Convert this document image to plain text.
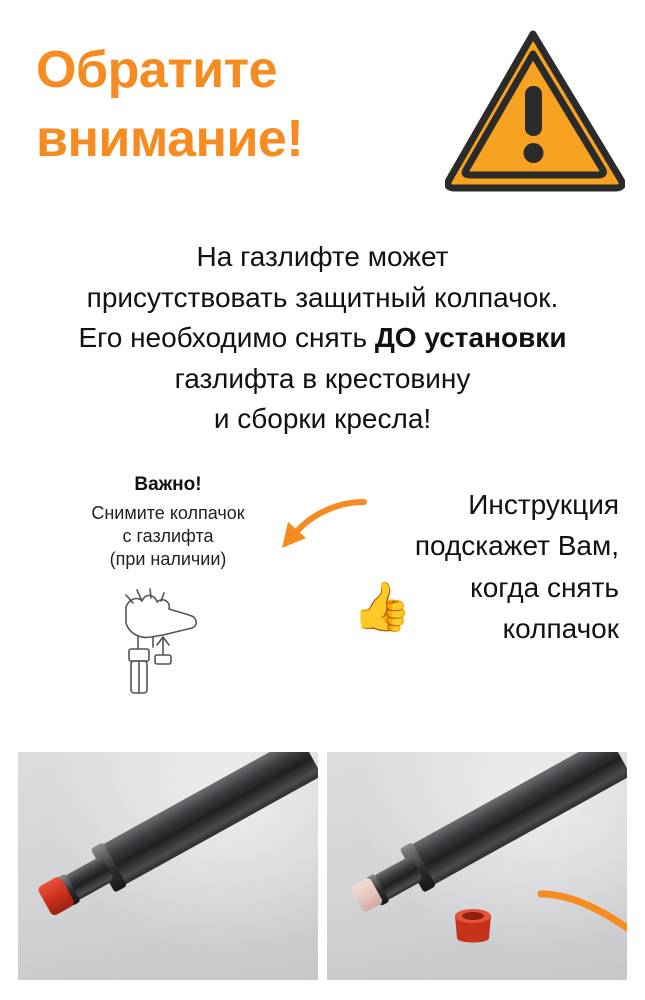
Обратите
внимание!
На газлифте может
присутствовать защитный колпачок.
Его необходимо снять ДО установки
газлифта в крестовину
и сборки кресла!
Важно!
Снимите колпачок
с газлифта
(при наличии)
Инструкция
подскажет Вам,
когда снять
колпачок
👍
